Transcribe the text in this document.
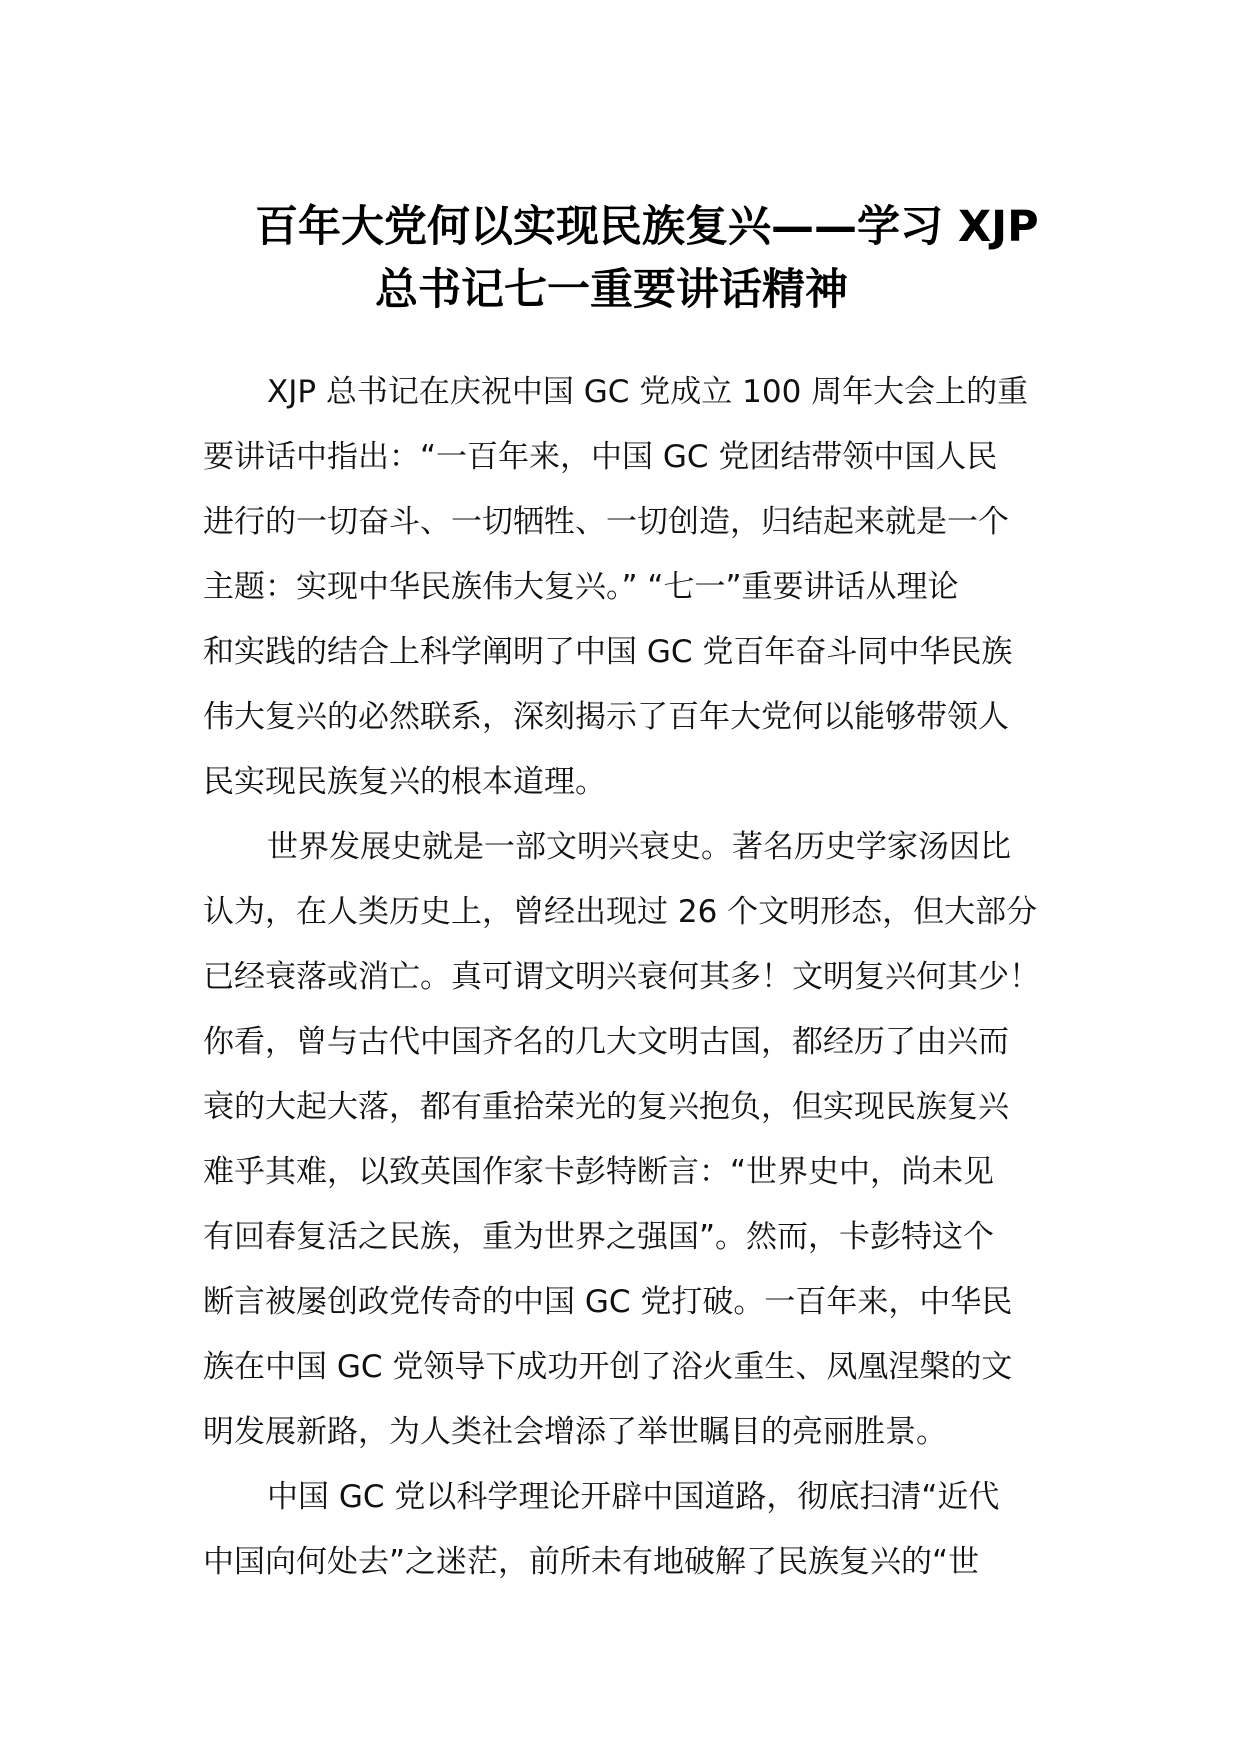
百年大党何以实现民族复兴——学习 XJP
总书记七一重要讲话精神

XJP 总书记在庆祝中国 GC 党成立 100 周年大会上的重
要讲话中指出：“一百年来，中国 GC 党团结带领中国人民
进行的一切奋斗、一切牺牲、一切创造，归结起来就是一个
主题：实现中华民族伟大复兴。” “七一”重要讲话从理论
和实践的结合上科学阐明了中国 GC 党百年奋斗同中华民族
伟大复兴的必然联系，深刻揭示了百年大党何以能够带领人
民实现民族复兴的根本道理。

世界发展史就是一部文明兴衰史。著名历史学家汤因比
认为，在人类历史上，曾经出现过 26 个文明形态，但大部分
已经衰落或消亡。真可谓文明兴衰何其多！文明复兴何其少！
你看，曾与古代中国齐名的几大文明古国，都经历了由兴而
衰的大起大落，都有重拾荣光的复兴抱负，但实现民族复兴
难乎其难，以致英国作家卡彭特断言：“世界史中，尚未见
有回春复活之民族，重为世界之强国”。然而，卡彭特这个
断言被屡创政党传奇的中国 GC 党打破。一百年来，中华民
族在中国 GC 党领导下成功开创了浴火重生、凤凰涅槃的文
明发展新路，为人类社会增添了举世瞩目的亮丽胜景。

中国 GC 党以科学理论开辟中国道路，彻底扫清“近代
中国向何处去”之迷茫，前所未有地破解了民族复兴的“世
